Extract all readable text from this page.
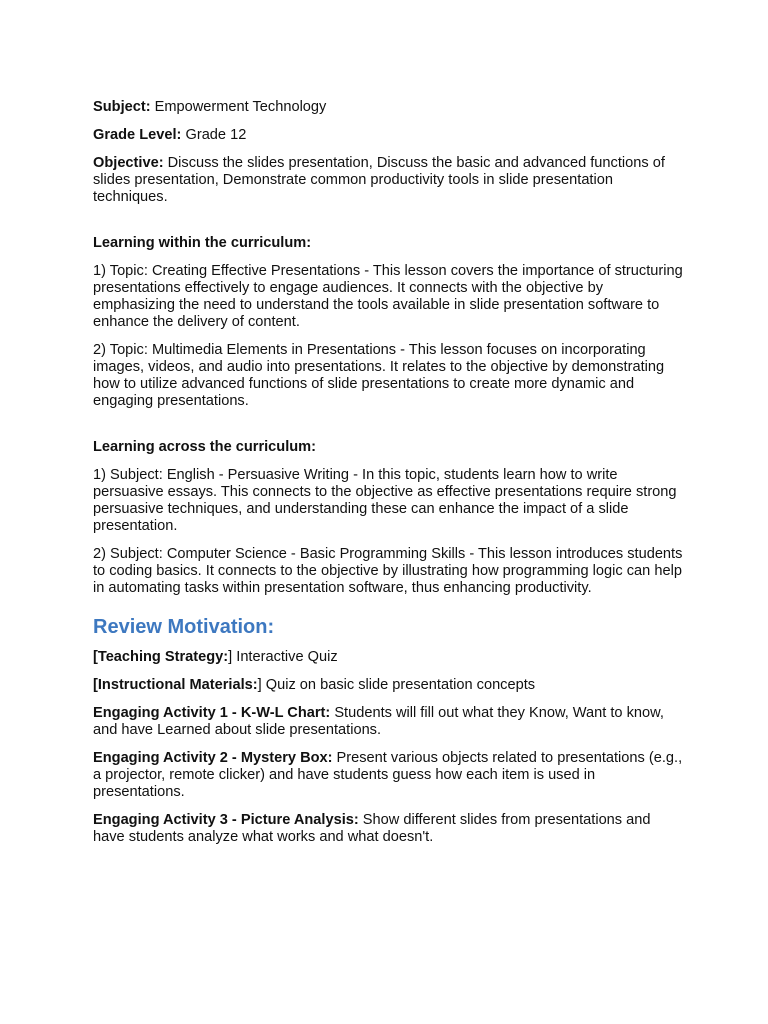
Subject: Empowerment Technology

Grade Level: Grade 12

Objective: Discuss the slides presentation, Discuss the basic and advanced functions of slides presentation, Demonstrate common productivity tools in slide presentation techniques.

Learning within the curriculum:

1) Topic: Creating Effective Presentations - This lesson covers the importance of structuring presentations effectively to engage audiences. It connects with the objective by emphasizing the need to understand the tools available in slide presentation software to enhance the delivery of content.

2) Topic: Multimedia Elements in Presentations - This lesson focuses on incorporating images, videos, and audio into presentations. It relates to the objective by demonstrating how to utilize advanced functions of slide presentations to create more dynamic and engaging presentations.

Learning across the curriculum:

1) Subject: English - Persuasive Writing - In this topic, students learn how to write persuasive essays. This connects to the objective as effective presentations require strong persuasive techniques, and understanding these can enhance the impact of a slide presentation.

2) Subject: Computer Science - Basic Programming Skills - This lesson introduces students to coding basics. It connects to the objective by illustrating how programming logic can help in automating tasks within presentation software, thus enhancing productivity.

Review Motivation:

[Teaching Strategy:] Interactive Quiz

[Instructional Materials:] Quiz on basic slide presentation concepts

Engaging Activity 1 - K-W-L Chart: Students will fill out what they Know, Want to know, and have Learned about slide presentations.

Engaging Activity 2 - Mystery Box: Present various objects related to presentations (e.g., a projector, remote clicker) and have students guess how each item is used in presentations.

Engaging Activity 3 - Picture Analysis: Show different slides from presentations and have students analyze what works and what doesn't.
